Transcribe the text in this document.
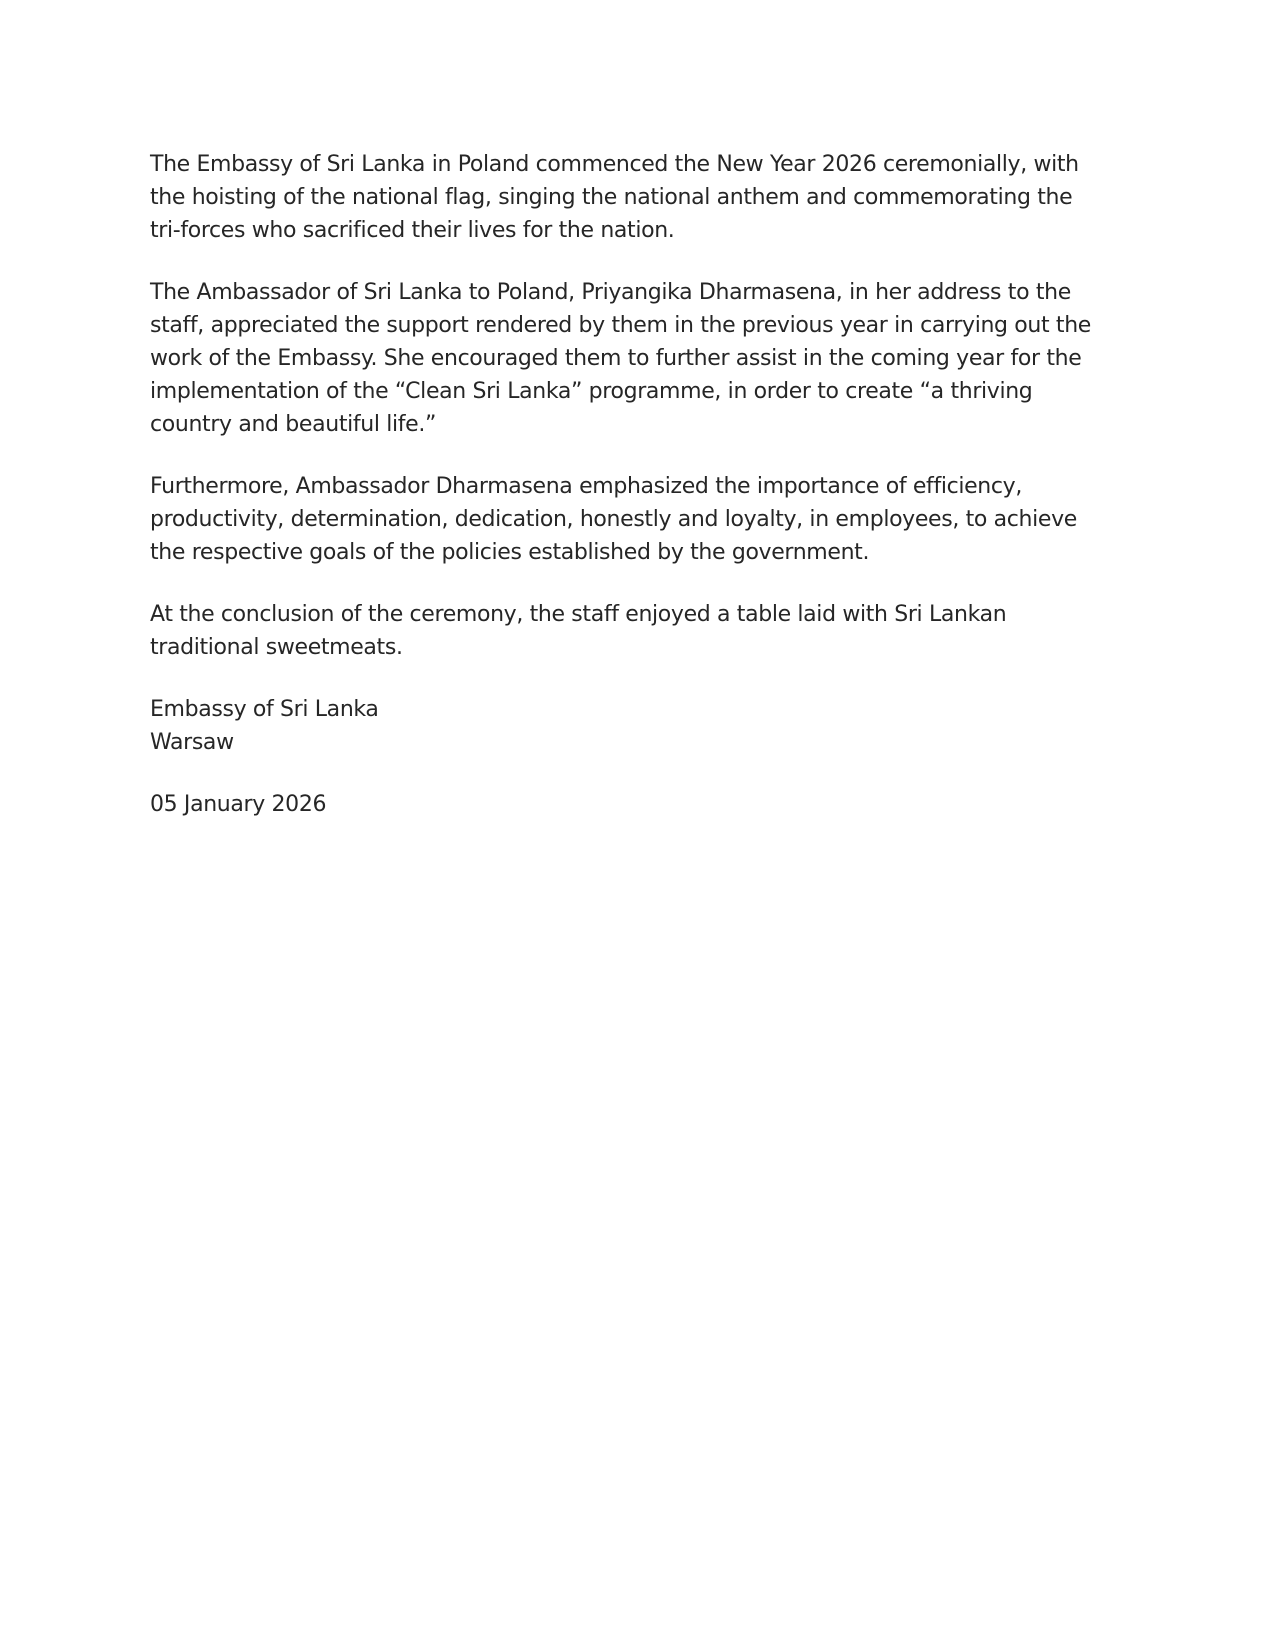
The Embassy of Sri Lanka in Poland commenced the New Year 2026 ceremonially, with
the hoisting of the national flag, singing the national anthem and commemorating the
tri-forces who sacrificed their lives for the nation.

The Ambassador of Sri Lanka to Poland, Priyangika Dharmasena, in her address to the
staff, appreciated the support rendered by them in the previous year in carrying out the
work of the Embassy. She encouraged them to further assist in the coming year for the
implementation of the “Clean Sri Lanka” programme, in order to create “a thriving
country and beautiful life.”

Furthermore, Ambassador Dharmasena emphasized the importance of efficiency,
productivity, determination, dedication, honestly and loyalty, in employees, to achieve
the respective goals of the policies established by the government.

At the conclusion of the ceremony, the staff enjoyed a table laid with Sri Lankan
traditional sweetmeats.

Embassy of Sri Lanka
Warsaw

05 January 2026
